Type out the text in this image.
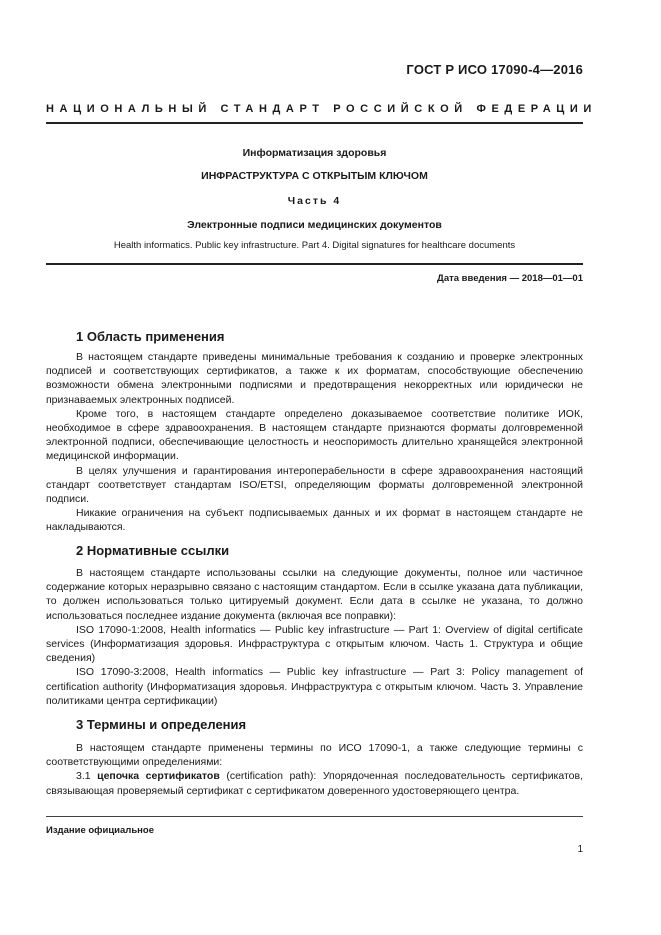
ГОСТ Р ИСО 17090-4—2016
НАЦИОНАЛЬНЫЙ СТАНДАРТ РОССИЙСКОЙ ФЕДЕРАЦИИ
Информатизация здоровья
ИНФРАСТРУКТУРА С ОТКРЫТЫМ КЛЮЧОМ
Часть 4
Электронные подписи медицинских документов
Health informatics. Public key infrastructure. Part 4. Digital signatures for healthcare documents
Дата введения — 2018—01—01
1 Область применения

В настоящем стандарте приведены минимальные требования к созданию и проверке электронных подписей и соответствующих сертификатов, а также к их форматам, способствующие обеспечению возможности обмена электронными подписями и предотвращения некорректных или юридически не признаваемых электронных подписей.

Кроме того, в настоящем стандарте определено доказываемое соответствие политике ИОК, необходимое в сфере здравоохранения. В настоящем стандарте признаются форматы долговременной электронной подписи, обеспечивающие целостность и неоспоримость длительно хранящейся электронной медицинской информации.

В целях улучшения и гарантирования интероперабельности в сфере здравоохранения настоящий стандарт соответствует стандартам ISO/ETSI, определяющим форматы долговременной электронной подписи.

Никакие ограничения на субъект подписываемых данных и их формат в настоящем стандарте не накладываются.

2 Нормативные ссылки

В настоящем стандарте использованы ссылки на следующие документы, полное или частичное содержание которых неразрывно связано с настоящим стандартом. Если в ссылке указана дата публикации, то должен использоваться только цитируемый документ. Если дата в ссылке не указана, то должно использоваться последнее издание документа (включая все поправки):

ISO 17090-1:2008, Health informatics — Public key infrastructure — Part 1: Overview of digital certificate services (Информатизация здоровья. Инфраструктура с открытым ключом. Часть 1. Структура и общие сведения)

ISO 17090-3:2008, Health informatics — Public key infrastructure — Part 3: Policy management of certification authority (Информатизация здоровья. Инфраструктура с открытым ключом. Часть 3. Управление политиками центра сертификации)

3 Термины и определения

В настоящем стандарте применены термины по ИСО 17090-1, а также следующие термины с соответствующими определениями:

3.1 цепочка сертификатов (certification path): Упорядоченная последовательность сертификатов, связывающая проверяемый сертификат с сертификатом доверенного удостоверяющего центра.

Издание официальное
1
